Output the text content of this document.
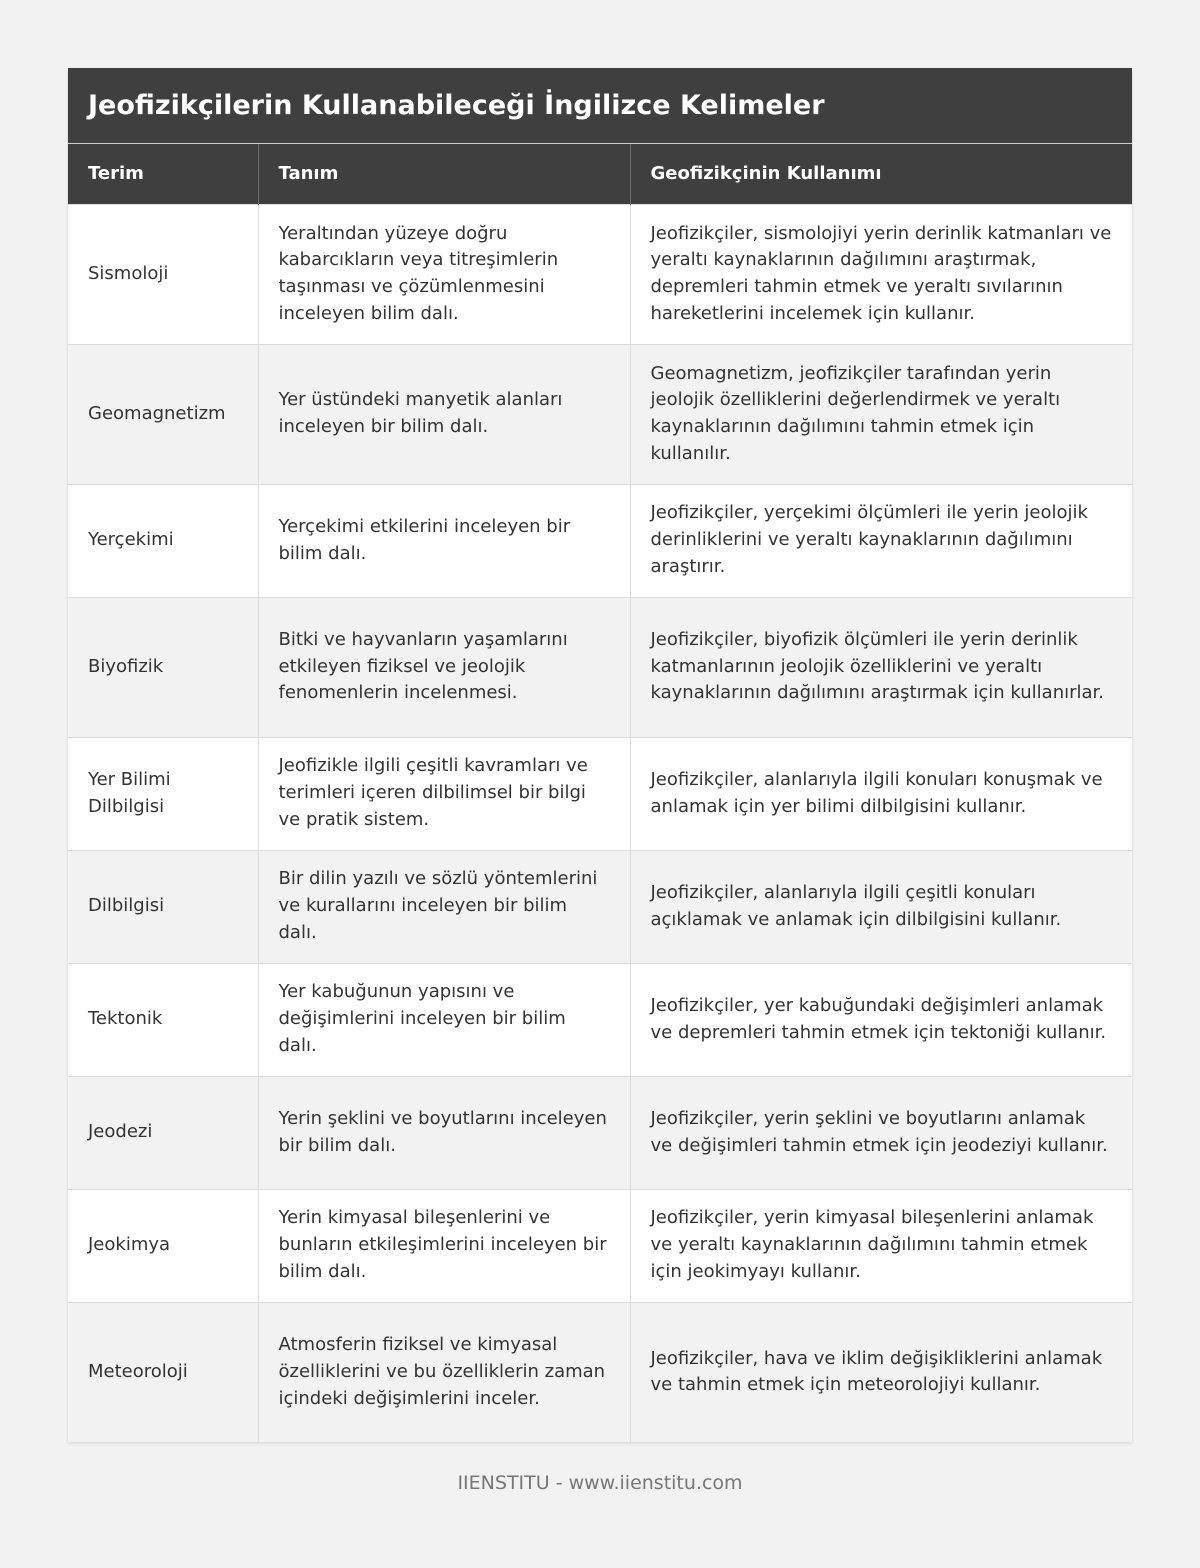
Jeofizikçilerin Kullanabileceği İngilizce Kelimeler
Terim	Tanım	Geofizikçinin Kullanımı
Sismoloji	Yeraltından yüzeye doğru kabarcıkların veya titreşimlerin taşınması ve çözümlenmesini inceleyen bilim dalı.	Jeofizikçiler, sismolojiyi yerin derinlik katmanları ve yeraltı kaynaklarının dağılımını araştırmak, depremleri tahmin etmek ve yeraltı sıvılarının hareketlerini incelemek için kullanır.
Geomagnetizm	Yer üstündeki manyetik alanları inceleyen bir bilim dalı.	Geomagnetizm, jeofizikçiler tarafından yerin jeolojik özelliklerini değerlendirmek ve yeraltı kaynaklarının dağılımını tahmin etmek için kullanılır.
Yerçekimi	Yerçekimi etkilerini inceleyen bir bilim dalı.	Jeofizikçiler, yerçekimi ölçümleri ile yerin jeolojik derinliklerini ve yeraltı kaynaklarının dağılımını araştırır.
Biyofizik	Bitki ve hayvanların yaşamlarını etkileyen fiziksel ve jeolojik fenomenlerin incelenmesi.	Jeofizikçiler, biyofizik ölçümleri ile yerin derinlik katmanlarının jeolojik özelliklerini ve yeraltı kaynaklarının dağılımını araştırmak için kullanırlar.
Yer Bilimi Dilbilgisi	Jeofizikle ilgili çeşitli kavramları ve terimleri içeren dilbilimsel bir bilgi ve pratik sistem.	Jeofizikçiler, alanlarıyla ilgili konuları konuşmak ve anlamak için yer bilimi dilbilgisini kullanır.
Dilbilgisi	Bir dilin yazılı ve sözlü yöntemlerini ve kurallarını inceleyen bir bilim dalı.	Jeofizikçiler, alanlarıyla ilgili çeşitli konuları açıklamak ve anlamak için dilbilgisini kullanır.
Tektonik	Yer kabuğunun yapısını ve değişimlerini inceleyen bir bilim dalı.	Jeofizikçiler, yer kabuğundaki değişimleri anlamak ve depremleri tahmin etmek için tektoniği kullanır.
Jeodezi	Yerin şeklini ve boyutlarını inceleyen bir bilim dalı.	Jeofizikçiler, yerin şeklini ve boyutlarını anlamak ve değişimleri tahmin etmek için jeodeziyi kullanır.
Jeokimya	Yerin kimyasal bileşenlerini ve bunların etkileşimlerini inceleyen bir bilim dalı.	Jeofizikçiler, yerin kimyasal bileşenlerini anlamak ve yeraltı kaynaklarının dağılımını tahmin etmek için jeokimyayı kullanır.
Meteoroloji	Atmosferin fiziksel ve kimyasal özelliklerini ve bu özelliklerin zaman içindeki değişimlerini inceler.	Jeofizikçiler, hava ve iklim değişikliklerini anlamak ve tahmin etmek için meteorolojiyi kullanır.
IIENSTITU - www.iienstitu.com
